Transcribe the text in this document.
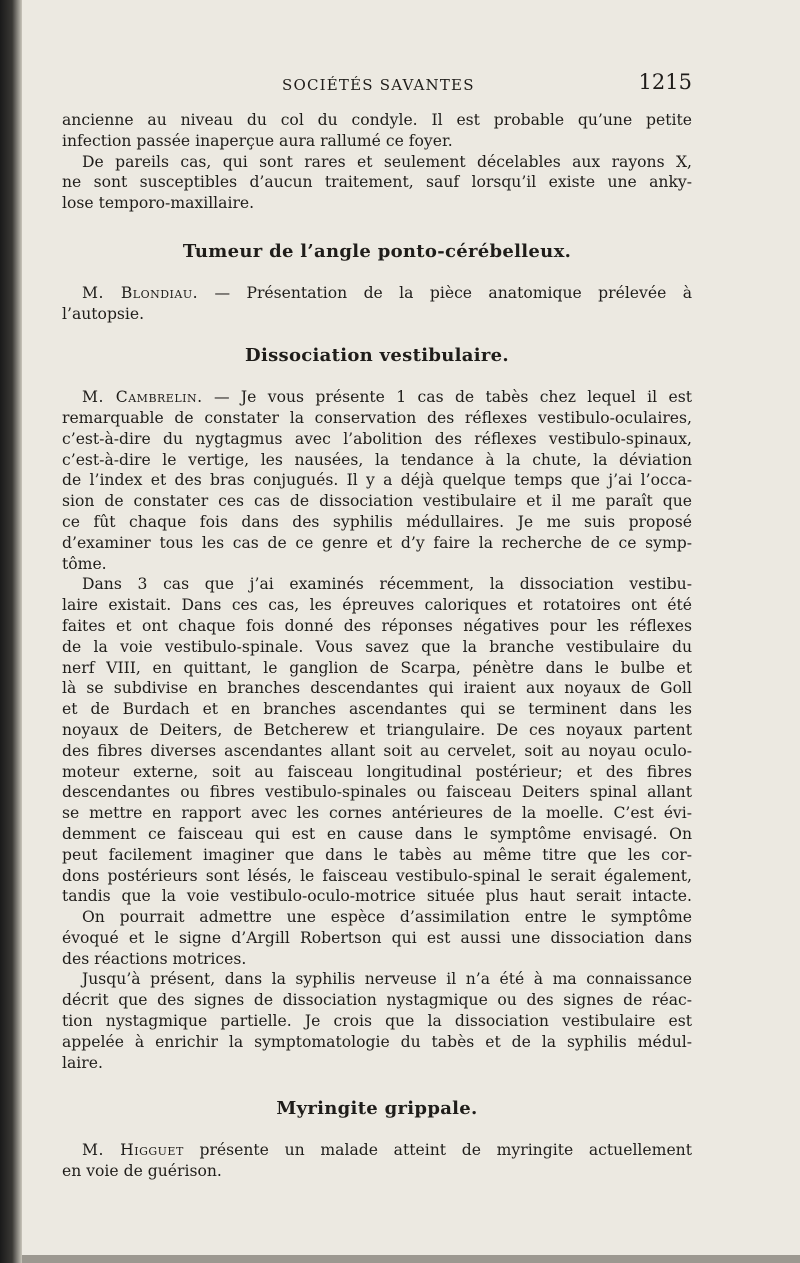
SOCIÉTÉS SAVANTES	1215

ancienne au niveau du col du condyle. Il est probable qu’une petite
infection passée inaperçue aura rallumé ce foyer.

De pareils cas, qui sont rares et seulement décelables aux rayons X,
ne sont susceptibles d’aucun traitement, sauf lorsqu’il existe une anky-
lose temporo-maxillaire.

Tumeur de l’angle ponto-cérébelleux.

M. Blondiau. — Présentation de la pièce anatomique prélevée à
l’autopsie.

Dissociation vestibulaire.

M. Cambrelin. — Je vous présente 1 cas de tabès chez lequel il est
remarquable de constater la conservation des réflexes vestibulo-oculaires,
c’est-à-dire du nygtagmus avec l’abolition des réflexes vestibulo-spinaux,
c’est-à-dire le vertige, les nausées, la tendance à la chute, la déviation
de l’index et des bras conjugués. Il y a déjà quelque temps que j’ai l’occa-
sion de constater ces cas de dissociation vestibulaire et il me paraît que
ce fût chaque fois dans des syphilis médullaires. Je me suis proposé
d’examiner tous les cas de ce genre et d’y faire la recherche de ce symp-
tôme.

Dans 3 cas que j’ai examinés récemment, la dissociation vestibu-
laire existait. Dans ces cas, les épreuves caloriques et rotatoires ont été
faites et ont chaque fois donné des réponses négatives pour les réflexes
de la voie vestibulo-spinale. Vous savez que la branche vestibulaire du
nerf VIII, en quittant, le ganglion de Scarpa, pénètre dans le bulbe et
là se subdivise en branches descendantes qui iraient aux noyaux de Goll
et de Burdach et en branches ascendantes qui se terminent dans les
noyaux de Deiters, de Betcherew et triangulaire. De ces noyaux partent
des fibres diverses ascendantes allant soit au cervelet, soit au noyau oculo-
moteur externe, soit au faisceau longitudinal postérieur; et des fibres
descendantes ou fibres vestibulo-spinales ou faisceau Deiters spinal allant
se mettre en rapport avec les cornes antérieures de la moelle. C’est évi-
demment ce faisceau qui est en cause dans le symptôme envisagé. On
peut facilement imaginer que dans le tabès au même titre que les cor-
dons postérieurs sont lésés, le faisceau vestibulo-spinal le serait également,
tandis que la voie vestibulo-oculo-motrice située plus haut serait intacte.

On pourrait admettre une espèce d’assimilation entre le symptôme
évoqué et le signe d’Argill Robertson qui est aussi une dissociation dans
des réactions motrices.

Jusqu’à présent, dans la syphilis nerveuse il n’a été à ma connaissance
décrit que des signes de dissociation nystagmique ou des signes de réac-
tion nystagmique partielle. Je crois que la dissociation vestibulaire est
appelée à enrichir la symptomatologie du tabès et de la syphilis médul-
laire.

Myringite grippale.

M. Higguet présente un malade atteint de myringite actuellement
en voie de guérison.
